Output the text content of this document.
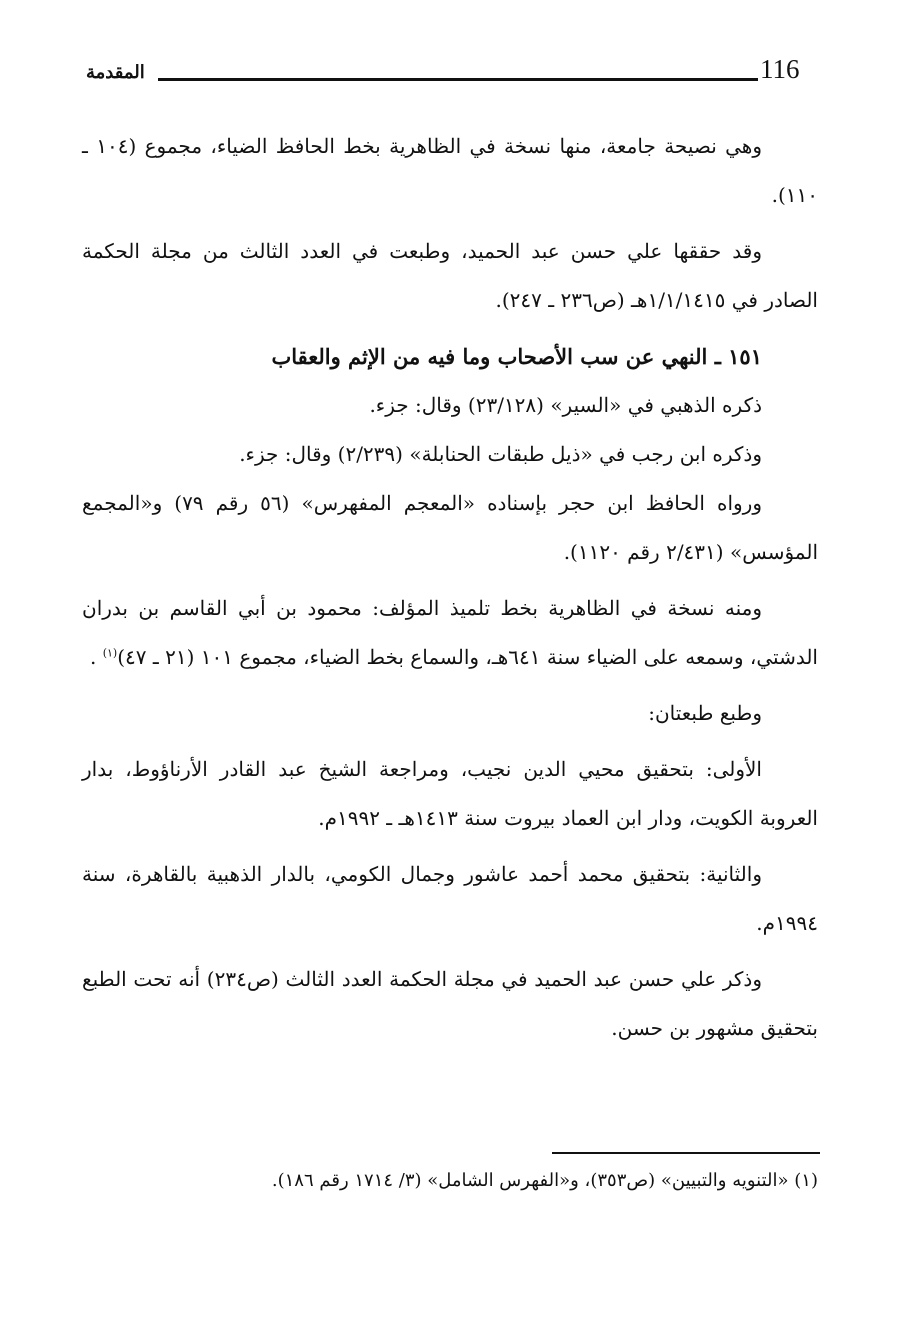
116
المقدمة

وهي نصيحة جامعة، منها نسخة في الظاهرية بخط الحافظ الضياء، مجموع (١٠٤ ـ ١١٠).

وقد حققها علي حسن عبد الحميد، وطبعت في العدد الثالث من مجلة الحكمة الصادر في ١/١/١٤١٥هـ (ص٢٣٦ ـ ٢٤٧).

١٥١ ـ النهي عن سب الأصحاب وما فيه من الإثم والعقاب

ذكره الذهبي في «السير» (٢٣/١٢٨) وقال: جزء.

وذكره ابن رجب في «ذيل طبقات الحنابلة» (٢/٢٣٩) وقال: جزء.

ورواه الحافظ ابن حجر بإسناده «المعجم المفهرس» (٥٦ رقم ٧٩) و«المجمع المؤسس» (٢/٤٣١ رقم ١١٢٠).

ومنه نسخة في الظاهرية بخط تلميذ المؤلف: محمود بن أبي القاسم بن بدران الدشتي، وسمعه على الضياء سنة ٦٤١هـ، والسماع بخط الضياء، مجموع ١٠١ (٢١ ـ ٤٧)$^{(١)}$ .

وطبع طبعتان:

الأولى: بتحقيق محيي الدين نجيب، ومراجعة الشيخ عبد القادر الأرناؤوط، بدار العروبة الكويت، ودار ابن العماد بيروت سنة ١٤١٣هـ ـ ١٩٩٢م.

والثانية: بتحقيق محمد أحمد عاشور وجمال الكومي، بالدار الذهبية بالقاهرة، سنة ١٩٩٤م.

وذكر علي حسن عبد الحميد في مجلة الحكمة العدد الثالث (ص٢٣٤) أنه تحت الطبع بتحقيق مشهور بن حسن.

(١) «التنويه والتبيين» (ص٣٥٣)، و«الفهرس الشامل» (٣/ ١٧١٤ رقم ١٨٦).
